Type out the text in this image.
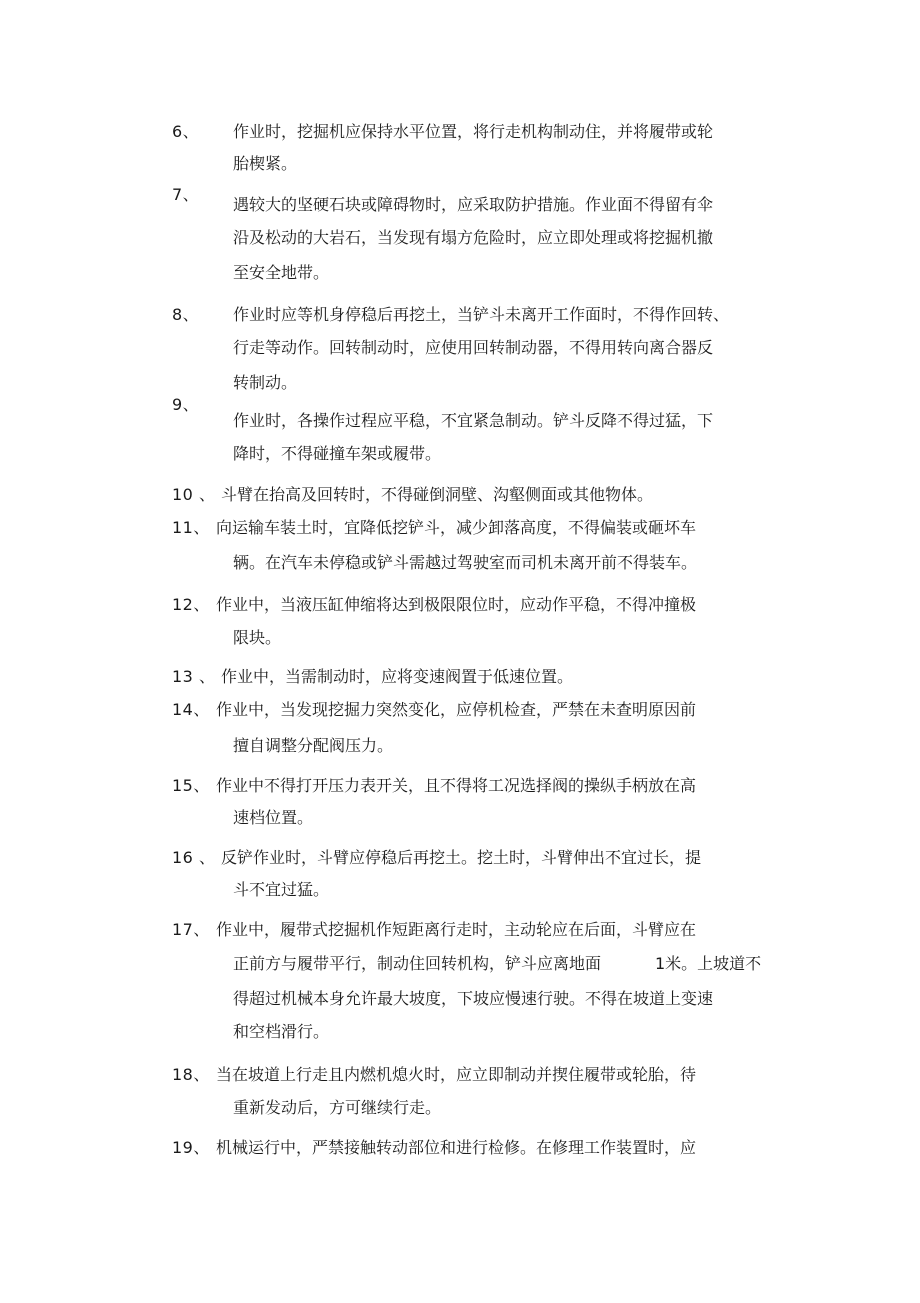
6、 作业时，挖掘机应保持水平位置，将行走机构制动住，并将履带或轮
胎楔紧。
7、
遇较大的坚硬石块或障碍物时，应采取防护措施。作业面不得留有伞
沿及松动的大岩石，当发现有塌方危险时，应立即处理或将挖掘机撤
至安全地带。
8、 作业时应等机身停稳后再挖土，当铲斗未离开工作面时，不得作回转、
行走等动作。回转制动时，应使用回转制动器，不得用转向离合器反
转制动。
9、
作业时，各操作过程应平稳，不宜紧急制动。铲斗反降不得过猛，下
降时，不得碰撞车架或履带。
10 、 斗臂在抬高及回转时，不得碰倒洞壁、沟壑侧面或其他物体。
11、 向运输车装土时，宜降低挖铲斗，减少卸落高度，不得偏装或砸坏车
辆。在汽车未停稳或铲斗需越过驾驶室而司机未离开前不得装车。
12、 作业中，当液压缸伸缩将达到极限限位时，应动作平稳，不得冲撞极
限块。
13 、 作业中，当需制动时，应将变速阀置于低速位置。
14、 作业中，当发现挖掘力突然变化，应停机检查，严禁在未查明原因前
擅自调整分配阀压力。
15、 作业中不得打开压力表开关，且不得将工况选择阀的操纵手柄放在高
速档位置。
16 、 反铲作业时，斗臂应停稳后再挖土。挖土时，斗臂伸出不宜过长，提
斗不宜过猛。
17、 作业中，履带式挖掘机作短距离行走时，主动轮应在后面，斗臂应在
正前方与履带平行，制动住回转机构，铲斗应离地面	1米。上坡道不
得超过机械本身允许最大坡度，下坡应慢速行驶。不得在坡道上变速
和空档滑行。
18、 当在坡道上行走且内燃机熄火时，应立即制动并揳住履带或轮胎，待
重新发动后，方可继续行走。
19、 机械运行中，严禁接触转动部位和进行检修。在修理工作装置时，应
